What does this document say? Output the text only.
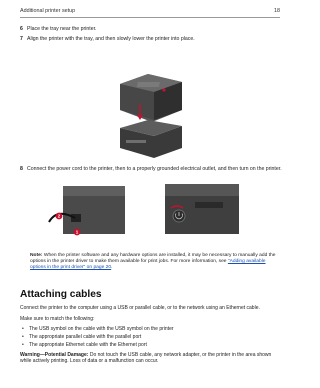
Additional printer setup	18
6 Place the tray near the printer.
7 Align the printer with the tray, and then slowly lower the printer into place.
8 Connect the power cord to the printer, then to a properly grounded electrical outlet, and then turn on the printer.
2
1
Note: When the printer software and any hardware options are installed, it may be necessary to manually add the options in the printer driver to make them available for print jobs. For more information, see "Adding available options in the print driver" on page 20.
Attaching cables
Connect the printer to the computer using a USB or parallel cable, or to the network using an Ethernet cable.
Make sure to match the following:
• The USB symbol on the cable with the USB symbol on the printer
• The appropriate parallel cable with the parallel port
• The appropriate Ethernet cable with the Ethernet port
Warning—Potential Damage: Do not touch the USB cable, any network adapter, or the printer in the area shown while actively printing. Loss of data or a malfunction can occur.
